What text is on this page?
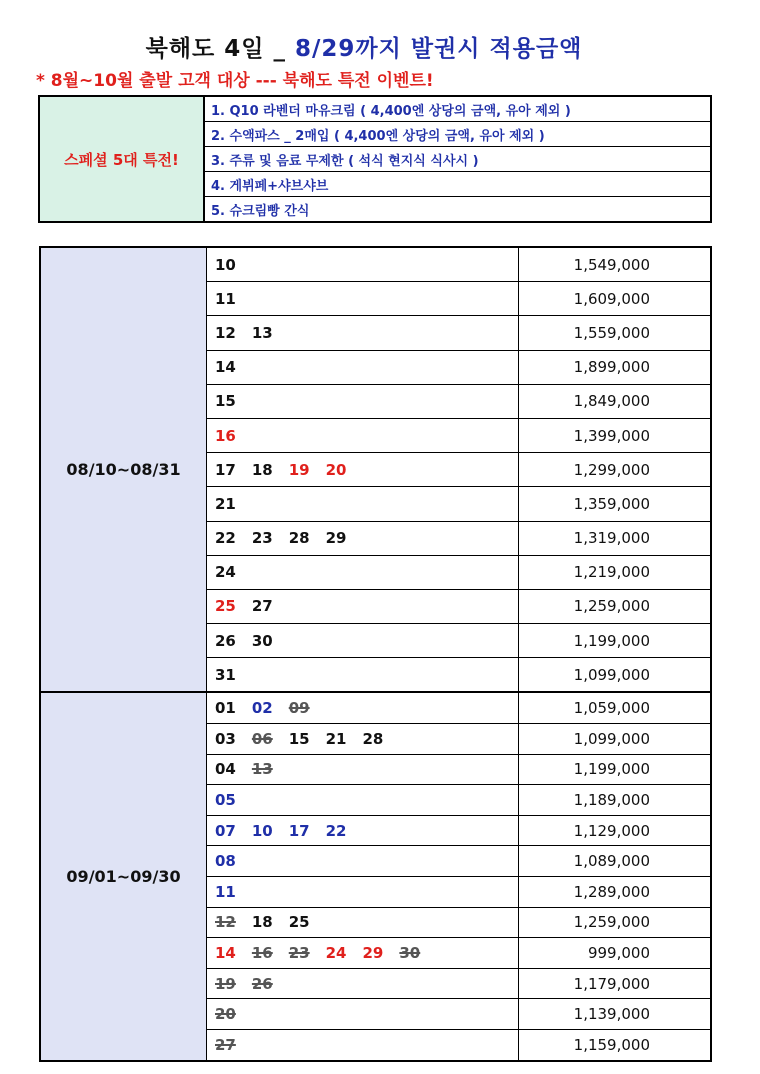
북해도 4일 _ 8/29까지 발권시 적용금액
* 8월~10월 출발 고객 대상 --- 북해도 특전 이벤트!
스페셜 5대 특전!	1. Q10 라벤더 마유크림 ( 4,400엔 상당의 금액, 유아 제외 )
2. 수액파스 _ 2매입 ( 4,400엔 상당의 금액, 유아 제외 )
3. 주류 및 음료 무제한 ( 석식 현지식 식사시 )
4. 게뷔페+샤브샤브
5. 슈크림빵 간식
08/10~08/31	10	1,549,000
	11	1,609,000
	12 13	1,559,000
	14	1,899,000
	15	1,849,000
	16	1,399,000
	17 18 19 20	1,299,000
	21	1,359,000
	22 23 28 29	1,319,000
	24	1,219,000
	25 27	1,259,000
	26 30	1,199,000
	31	1,099,000
09/01~09/30	01 02 09	1,059,000
	03 06 15 21 28	1,099,000
	04 13	1,199,000
	05	1,189,000
	07 10 17 22	1,129,000
	08	1,089,000
	11	1,289,000
	12 18 25	1,259,000
	14 16 23 24 29 30	999,000
	19 26	1,179,000
	20	1,139,000
	27	1,159,000
